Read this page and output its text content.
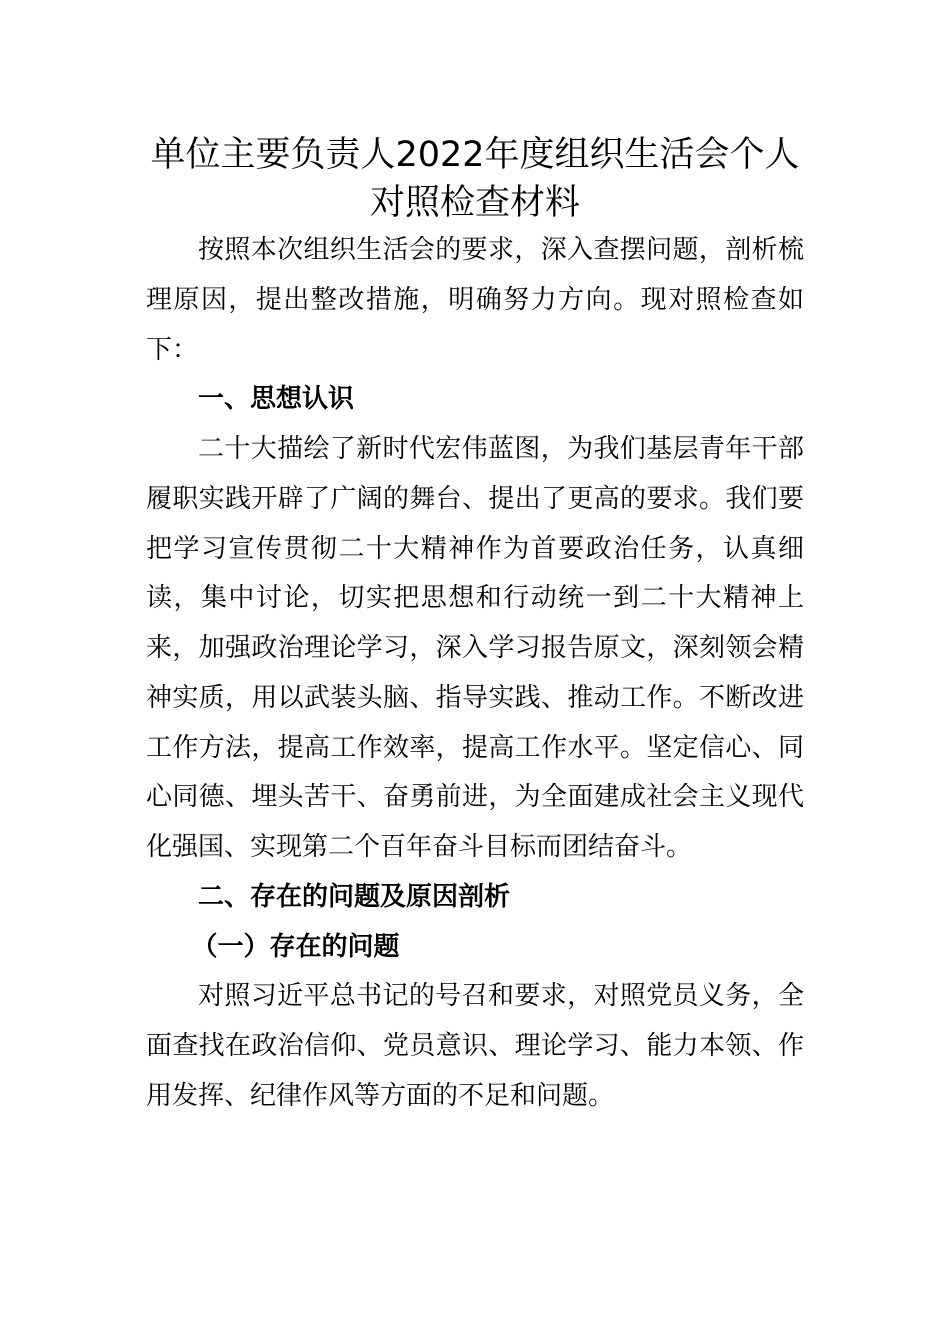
单位主要负责人2022年度组织生活会个人
对照检查材料

按照本次组织生活会的要求，深入查摆问题，剖析梳理原因，提出整改措施，明确努力方向。现对照检查如下：

一、思想认识

二十大描绘了新时代宏伟蓝图，为我们基层青年干部履职实践开辟了广阔的舞台、提出了更高的要求。我们要把学习宣传贯彻二十大精神作为首要政治任务，认真细读，集中讨论，切实把思想和行动统一到二十大精神上来，加强政治理论学习，深入学习报告原文，深刻领会精神实质，用以武装头脑、指导实践、推动工作。不断改进工作方法，提高工作效率，提高工作水平。坚定信心、同心同德、埋头苦干、奋勇前进，为全面建成社会主义现代化强国、实现第二个百年奋斗目标而团结奋斗。

二、存在的问题及原因剖析
（一）存在的问题

对照习近平总书记的号召和要求，对照党员义务，全面查找在政治信仰、党员意识、理论学习、能力本领、作用发挥、纪律作风等方面的不足和问题。
